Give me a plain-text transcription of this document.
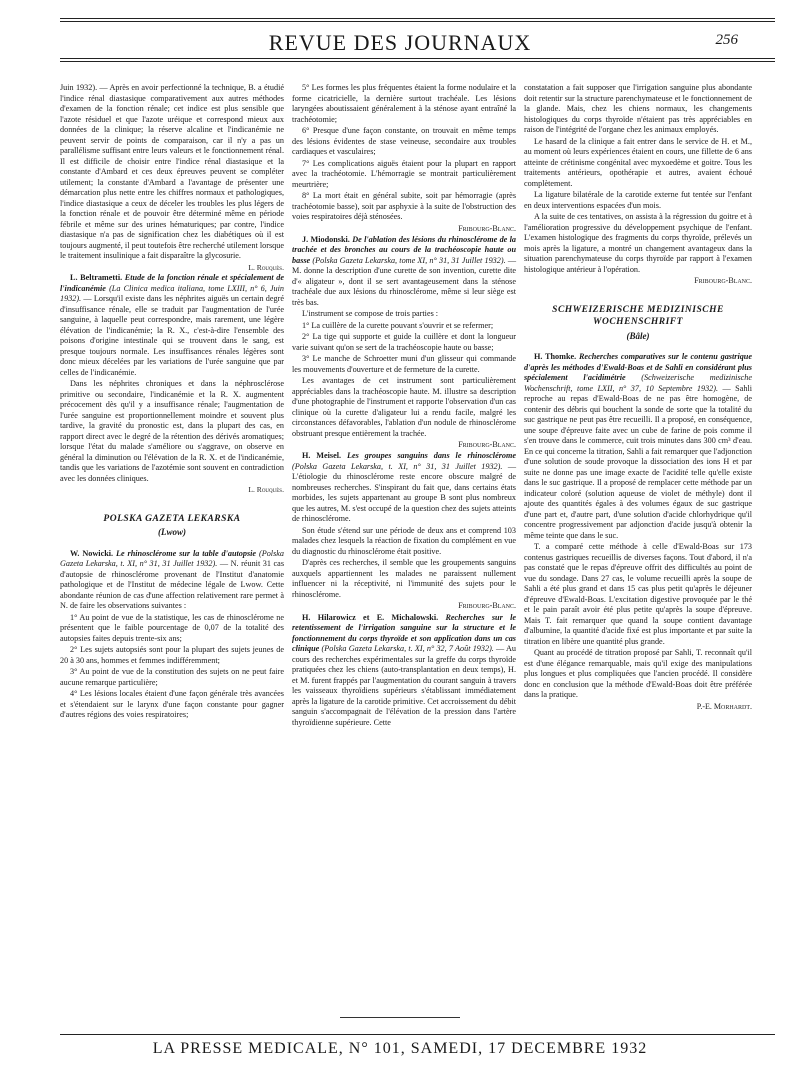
REVUE DES JOURNAUX	256

Juin 1932). — Après en avoir perfectionné la technique, B. a étudié l'indice rénal diastasique comparativement aux autres méthodes d'examen de la fonction rénale; cet indice est plus sensible que l'azote résiduel et que l'azote uréique et correspond mieux aux données de la clinique; la réserve alcaline et l'indicanémie ne peuvent servir de points de comparaison, car il n'y a pas un parallélisme suffisant entre leurs valeurs et le fonctionnement rénal. Il est difficile de choisir entre l'indice rénal diastasique et la constante d'Ambard et ces deux épreuves peuvent se compléter utilement; la constante d'Ambard a l'avantage de présenter une démarcation plus nette entre les chiffres normaux et pathologiques, l'indice diastasique a ceux de déceler les troubles les plus légers de la fonction rénale et de pouvoir être déterminé même en période fébrile et même sur des urines hématuriques; par contre, l'indice diastasique n'a pas de signification chez les diabétiques où il est toujours augmenté, il peut toutefois être recherché utilement lorsque le traitement insulinique a fait disparaître la glycosurie.

L. Rouquès.

L. Beltrametti. Etude de la fonction rénale et spécialement de l'indicanémie (La Clinica medica italiana, tome LXIII, n° 6, Juin 1932). — Lorsqu'il existe dans les néphrites aiguës un certain degré d'insuffisance rénale, elle se traduit par l'augmentation de l'urée sanguine, à laquelle peut correspondre, mais rarement, une légère élévation de l'indicanémie; la R. X., c'est-à-dire l'ensemble des poisons d'origine intestinale qui se trouvent dans le sang, est presque toujours normale. Les insuffisances rénales légères sont donc mieux décelées par les variations de l'urée sanguine que par celles de l'indicanémie.

Dans les néphrites chroniques et dans la néphrosclérose primitive ou secondaire, l'indicanémie et la R. X. augmentent précocement dès qu'il y a insuffisance rénale; l'augmentation de l'urée sanguine est proportionnellement moindre et souvent plus tardive, la gravité du pronostic est, dans la plupart des cas, en rapport direct avec le degré de la rétention des dérivés aromatiques; lorsque l'état du malade s'améliore ou s'aggrave, on observe en général la diminution ou l'élévation de la R. X. et de l'indicanémie, tandis que les variations de l'azotémie sont souvent en contradiction avec les données cliniques.

L. Rouquès.

POLSKA GAZETA LEKARSKA
(Lwow)

W. Nowicki. Le rhinosclérome sur la table d'autopsie (Polska Gazeta Lekarska, t. XI, n° 31, 31 Juillet 1932). — N. réunit 31 cas d'autopsie de rhinosclérome provenant de l'Institut d'anatomie pathologique et de l'Institut de médecine légale de Lwow. Cette abondante réunion de cas d'une affection relativement rare permet à N. de faire les observations suivantes :

1° Au point de vue de la statistique, les cas de rhinosclérome ne présentent que le faible pourcentage de 0,07 de la totalité des autopsies faites depuis trente-six ans;

2° Les sujets autopsiés sont pour la plupart des sujets jeunes de 20 à 30 ans, hommes et femmes indifféremment;

3° Au point de vue de la constitution des sujets on ne peut faire aucune remarque particulière;

4° Les lésions locales étaient d'une façon générale très avancées et s'étendaient sur le larynx d'une façon constante pour gagner d'autres régions des voies respiratoires;

5° Les formes les plus fréquentes étaient la forme nodulaire et la forme cicatricielle, la dernière surtout trachéale. Les lésions laryngées aboutissaient généralement à la sténose ayant entraîné la trachéotomie;

6° Presque d'une façon constante, on trouvait en même temps des lésions évidentes de stase veineuse, secondaire aux troubles cardiaques et vasculaires;

7° Les complications aiguës étaient pour la plupart en rapport avec la trachéotomie. L'hémorragie se montrait particulièrement meurtrière;

8° La mort était en général subite, soit par hémorragie (après trachéotomie basse), soit par asphyxie à la suite de l'obstruction des voies respiratoires déjà sténosées.

Fribourg-Blanc.

J. Miodonski. De l'ablation des lésions du rhinosclérome de la trachée et des bronches au cours de la trachéoscopie haute ou basse (Polska Gazeta Lekarska, tome XI, n° 31, 31 Juillet 1932). — M. donne la description d'une curette de son invention, curette dite d'« aligateur », dont il se sert avantageusement dans la sténose trachéale due aux lésions du rhinosclérome, même si leur siège est très bas.

L'instrument se compose de trois parties :

1° La cuillère de la curette pouvant s'ouvrir et se refermer;

2° La tige qui supporte et guide la cuillère et dont la longueur varie suivant qu'on se sert de la trachéoscopie haute ou basse;

3° Le manche de Schroetter muni d'un glisseur qui commande les mouvements d'ouverture et de fermeture de la curette.

Les avantages de cet instrument sont particulièrement appréciables dans la trachéoscopie haute. M. illustre sa description d'une photographie de l'instrument et rapporte l'observation d'un cas clinique où la curette d'aligateur lui a rendu facile, malgré les circonstances défavorables, l'ablation d'un nodule de rhinosclérome obstruant presque entièrement la trachée.

Fribourg-Blanc.

H. Meisel. Les groupes sanguins dans le rhinosclérome (Polska Gazeta Lekarska, t. XI, n° 31, 31 Juillet 1932). — L'étiologie du rhinosclérome reste encore obscure malgré de nombreuses recherches. S'inspirant du fait que, dans certains états morbides, les sujets appartenant au groupe B sont plus nombreux que les autres, M. s'est occupé de la question chez des sujets atteints de rhinosclérome.

Son étude s'étend sur une période de deux ans et comprend 103 malades chez lesquels la réaction de fixation du complément en vue du diagnostic du rhinosclérome était positive.

D'après ces recherches, il semble que les groupements sanguins auxquels appartiennent les malades ne paraissent nullement influencer ni la réceptivité, ni l'immunité des sujets pour le rhinosclérome.

Fribourg-Blanc.

H. Hilarowicz et E. Michalowski. Recherches sur le retentissement de l'irrigation sanguine sur la structure et le fonctionnement du corps thyroïde et son application dans un cas clinique (Polska Gazeta Lekarska, t. XI, n° 32, 7 Août 1932). — Au cours des recherches expérimentales sur la greffe du corps thyroïde pratiquées chez les chiens (auto-transplantation en deux temps), H. et M. furent frappés par l'augmentation du courant sanguin à travers les vaisseaux thyroïdiens supérieurs s'établissant immédiatement après la ligature de la carotide primitive. Cet accroissement du débit sanguin s'accompagnait de l'élévation de la pression dans l'artère thyroïdienne supérieure. Cette

constatation a fait supposer que l'irrigation sanguine plus abondante doit retentir sur la structure parenchymateuse et le fonctionnement de la glande. Mais, chez les chiens normaux, les changements histologiques du corps thyroïde n'étaient pas très appréciables en raison de l'intégrité de l'organe chez les animaux employés.

Le hasard de la clinique a fait entrer dans le service de H. et M., au moment où leurs expériences étaient en cours, une fillette de 6 ans atteinte de crétinisme congénital avec myxoedème et goitre. Tous les traitements antérieurs, opothérapie et autres, avaient échoué complètement.

La ligature bilatérale de la carotide externe fut tentée sur l'enfant en deux interventions espacées d'un mois.

A la suite de ces tentatives, on assista à la régression du goitre et à l'amélioration progressive du développement psychique de l'enfant. L'examen histologique des fragments du corps thyroïde, prélevés un mois après la ligature, a montré un changement avantageux dans la situation parenchymateuse du corps thyroïde par rapport à l'examen histologique antérieur à l'opération.

Fribourg-Blanc.

SCHWEIZERISCHE MEDIZINISCHE WOCHENSCHRIFT
(Bâle)

H. Thomke. Recherches comparatives sur le contenu gastrique d'après les méthodes d'Ewald-Boas et de Sahli en considérant plus spécialement l'acidimétrie (Schweizerische medizinische Wochenschrift, tome LXII, n° 37, 10 Septembre 1932). — Sahli reproche au repas d'Ewald-Boas de ne pas être homogène, de contenir des débris qui bouchent la sonde de sorte que la totalité du suc gastrique ne peut pas être recueilli. Il a proposé, en conséquence, une soupe d'épreuve faite avec un cube de farine de pois comme il s'en trouve dans le commerce, cuit trois minutes dans 300 cm³ d'eau. En ce qui concerne la titration, Sahli a fait remarquer que l'adjonction d'une solution de soude provoque la dissociation des ions H et par suite ne donne pas une image exacte de l'acidité telle qu'elle existe dans le suc gastrique. Il a proposé de remplacer cette méthode par un indicateur coloré (solution aqueuse de violet de méthyle) dont il ajoute des quantités égales à des volumes égaux de suc gastrique d'une part et, d'autre part, d'une solution d'acide chlorhydrique qu'il concentre progressivement par adjonction d'acide jusqu'à obtenir la même teinte que dans le suc.

T. a comparé cette méthode à celle d'Ewald-Boas sur 173 contenus gastriques recueillis de diverses façons. Tout d'abord, il n'a pas constaté que le repas d'épreuve offrit des difficultés au point de vue du sondage. Dans 27 cas, le volume recueilli après la soupe de Sahli a été plus grand et dans 15 cas plus petit qu'après le déjeuner d'épreuve d'Ewald-Boas. L'excitation digestive provoquée par le thé et le pain paraît avoir été plus petite qu'après la soupe d'épreuve. Mais T. fait remarquer que quand la soupe contient davantage d'albumine, la quantité d'acide fixé est plus importante et par suite la titration en libère une quantité plus grande.

Quant au procédé de titration proposé par Sahli, T. reconnaît qu'il est d'une élégance remarquable, mais qu'il exige des manipulations plus longues et plus compliquées que l'ancien procédé. Il considère donc en conclusion que la méthode d'Ewald-Boas doit être préférée dans la pratique.

P.-E. Morhardt.

LA PRESSE MEDICALE, N° 101, SAMEDI, 17 DECEMBRE 1932
